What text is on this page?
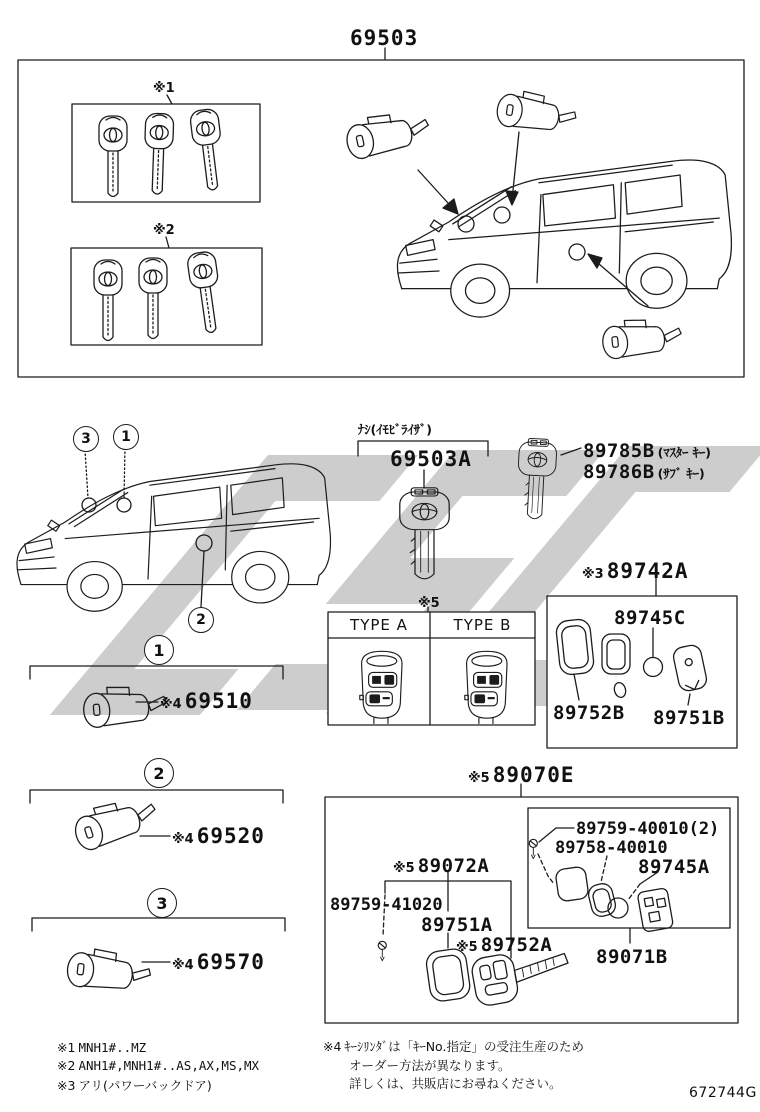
69503
※1
※2
ﾅｼ(ｲﾓﾋﾞﾗｲｻﾞ)
69503A	89785B (ﾏｽﾀｰ ｷｰ)
89786B (ｻﾌﾞ ｷｰ)
※3 89742A
89745C
89752B 89751B
※5
TYPE A	TYPE B
3	1
2
1
※4 69510
2
※4 69520
3
※4 69570
※5 89070E
89759-40010(2)
89758-40010
89745A
89071B
※5 89072A
89759-41020
89751A
※5 89752A
※1 MNH1#..MZ
※2 ANH1#,MNH1#..AS,AX,MS,MX
※3 アリ(パワーバックドア)
※4 ｷｰｼﾘﾝﾀﾞは「ｷｰNo.指定」の受注生産のため
オーダー方法が異なります。
詳しくは、共販店にお尋ねください。
672744G
